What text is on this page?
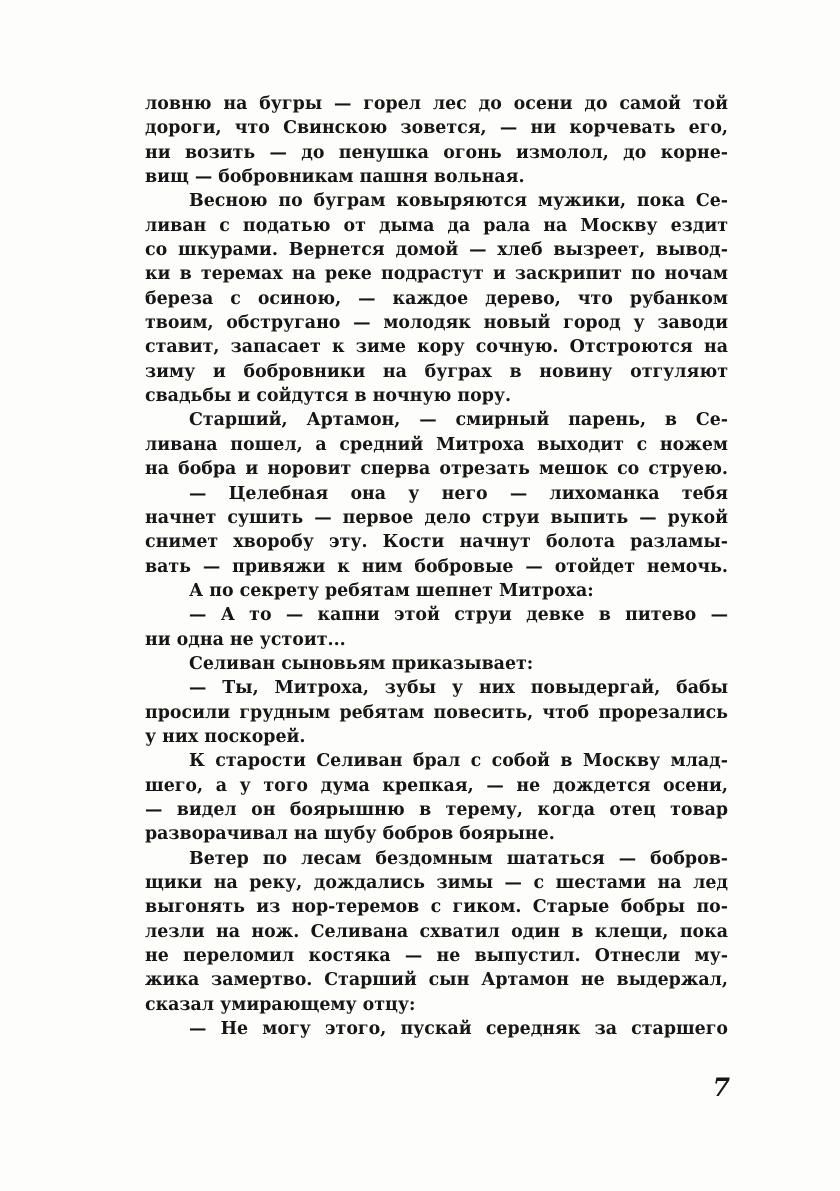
ловню на бугры — горел лес до осени до самой той
дороги, что Свинскою зовется, — ни корчевать его,
ни возить — до пенушка огонь измолол, до корне-
вищ — бобровникам пашня вольная.
Весною по буграм ковыряются мужики, пока Се-
ливан с податью от дыма да рала на Москву ездит
со шкурами. Вернется домой — хлеб вызреет, вывод-
ки в теремах на реке подрастут и заскрипит по ночам
береза с осиною, — каждое дерево, что рубанком
твоим, обстругано — молодяк новый город у заводи
ставит, запасает к зиме кору сочную. Отстроются на
зиму и бобровники на буграх в новину отгуляют
свадьбы и сойдутся в ночную пору.
Старший, Артамон, — смирный парень, в Се-
ливана пошел, а средний Митроха выходит с ножем
на бобра и норовит сперва отрезать мешок со струею.
— Целебная она у него — лихоманка тебя
начнет сушить — первое дело струи выпить — рукой
снимет хворобу эту. Кости начнут болота разламы-
вать — привяжи к ним бобровые — отойдет немочь.
А по секрету ребятам шепнет Митроха:
— А то — капни этой струи девке в питево —
ни одна не устоит...
Селиван сыновьям приказывает:
— Ты, Митроха, зубы у них повыдергай, бабы
просили грудным ребятам повесить, чтоб прорезались
у них поскорей.
К старости Селиван брал с собой в Москву млад-
шего, а у того дума крепкая, — не дождется осени,
— видел он боярышню в терему, когда отец товар
разворачивал на шубу бобров боярыне.
Ветер по лесам бездомным шататься — бобров-
щики на реку, дождались зимы — с шестами на лед
выгонять из нор-теремов с гиком. Старые бобры по-
лезли на нож. Селивана схватил один в клещи, пока
не переломил костяка — не выпустил. Отнесли му-
жика замертво. Старший сын Артамон не выдержал,
сказал умирающему отцу:
— Не могу этого, пускай середняк за старшего
7
